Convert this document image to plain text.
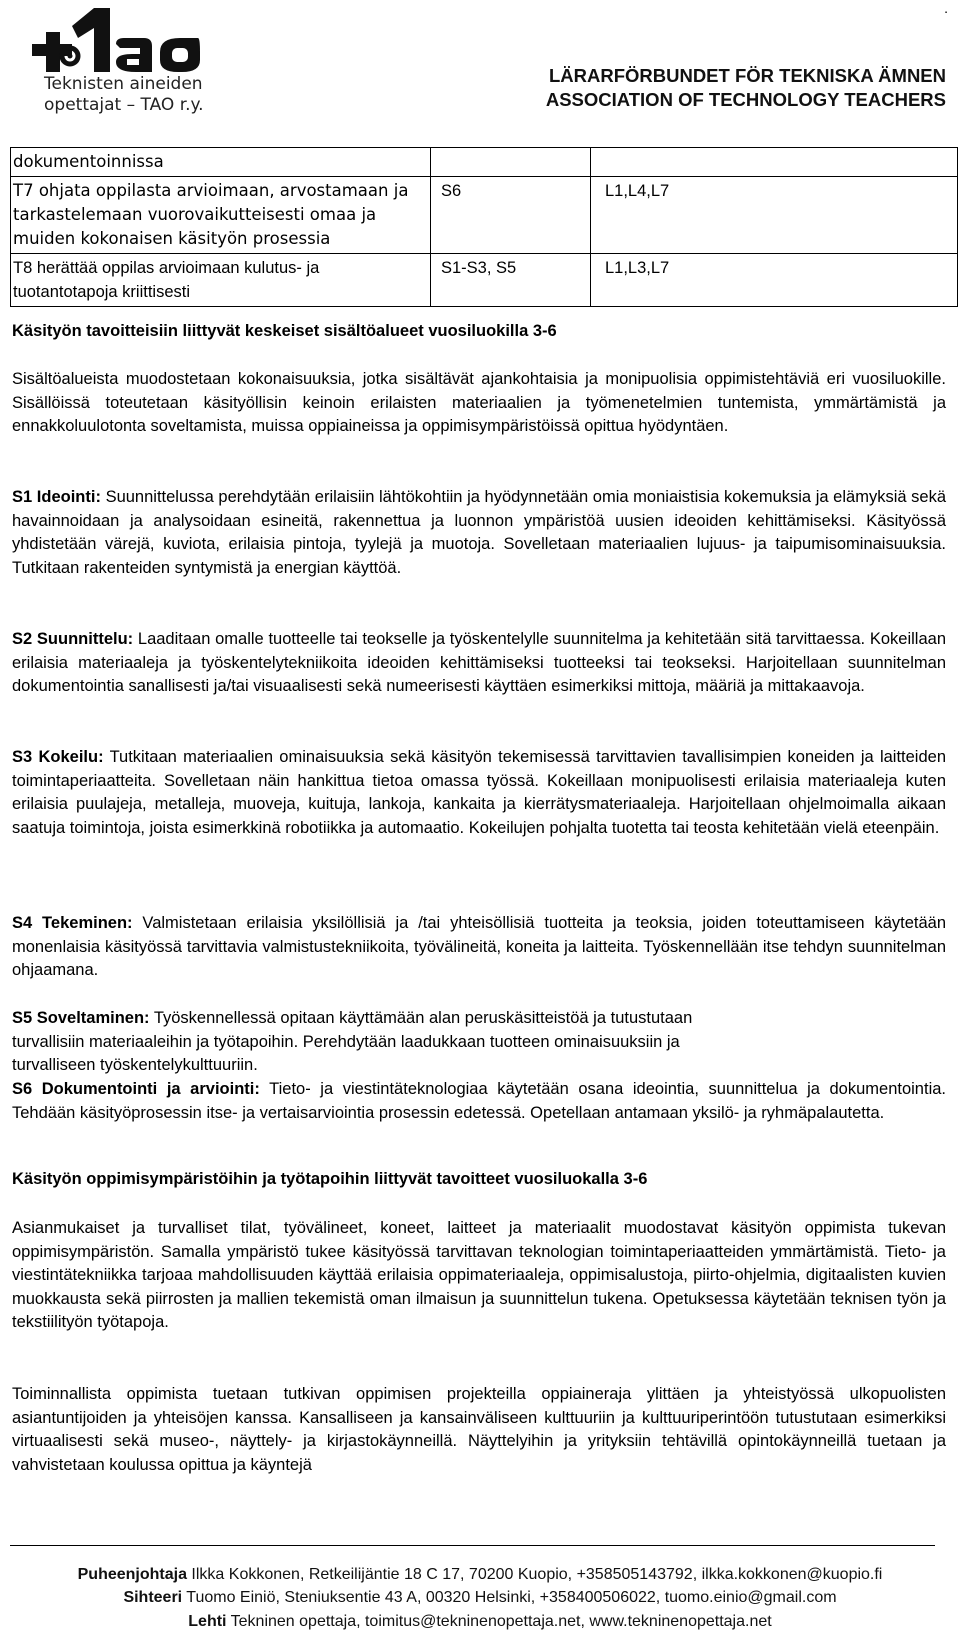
Teknisten aineiden
opettajat – TAO r.y.
.
LÄRARFÖRBUNDET FÖR TEKNISKA ÄMNEN
ASSOCIATION OF TECHNOLOGY TEACHERS
dokumentoinnissa		
T7 ohjata oppilasta arvioimaan, arvostamaan ja tarkastelemaan vuorovaikutteisesti omaa ja muiden kokonaisen käsityön prosessia	S6	L1,L4,L7
T8 herättää oppilas arvioimaan kulutus- ja tuotantotapoja kriittisesti	S1-S3, S5	L1,L3,L7
Käsityön tavoitteisiin liittyvät keskeiset sisältöalueet vuosiluokilla 3-6
Sisältöalueista muodostetaan kokonaisuuksia, jotka sisältävät ajankohtaisia ja monipuolisia oppimistehtäviä eri vuosiluokille. Sisällöissä toteutetaan käsityöllisin keinoin erilaisten materiaalien ja työmenetelmien tuntemista, ymmärtämistä ja ennakkoluulotonta soveltamista, muissa oppiaineissa ja oppimisympäristöissä opittua hyödyntäen.
S1 Ideointi: Suunnittelussa perehdytään erilaisiin lähtökohtiin ja hyödynnetään omia moniaistisia kokemuksia ja elämyksiä sekä havainnoidaan ja analysoidaan esineitä, rakennettua ja luonnon ympäristöä uusien ideoiden kehittämiseksi. Käsityössä yhdistetään värejä, kuviota, erilaisia pintoja, tyylejä ja muotoja. Sovelletaan materiaalien lujuus- ja taipumisominaisuuksia. Tutkitaan rakenteiden syntymistä ja energian käyttöä.
S2 Suunnittelu: Laaditaan omalle tuotteelle tai teokselle ja työskentelylle suunnitelma ja kehitetään sitä tarvittaessa. Kokeillaan erilaisia materiaaleja ja työskentelytekniikoita ideoiden kehittämiseksi tuotteeksi tai teokseksi. Harjoitellaan suunnitelman dokumentointia sanallisesti ja/tai visuaalisesti sekä numeerisesti käyttäen esimerkiksi mittoja, määriä ja mittakaavoja.
S3 Kokeilu: Tutkitaan materiaalien ominaisuuksia sekä käsityön tekemisessä tarvittavien tavallisimpien koneiden ja laitteiden toimintaperiaatteita. Sovelletaan näin hankittua tietoa omassa työssä. Kokeillaan monipuolisesti erilaisia materiaaleja kuten erilaisia puulajeja, metalleja, muoveja, kuituja, lankoja, kankaita ja kierrätysmateriaaleja. Harjoitellaan ohjelmoimalla aikaan saatuja toimintoja, joista esimerkkinä robotiikka ja automaatio. Kokeilujen pohjalta tuotetta tai teosta kehitetään vielä eteenpäin.
S4 Tekeminen: Valmistetaan erilaisia yksilöllisiä ja /tai yhteisöllisiä tuotteita ja teoksia, joiden toteuttamiseen käytetään monenlaisia käsityössä tarvittavia valmistustekniikoita, työvälineitä, koneita ja laitteita. Työskennellään itse tehdyn suunnitelman ohjaamana.
S5 Soveltaminen: Työskennellessä opitaan käyttämään alan peruskäsitteistöä ja tutustutaan
turvallisiin materiaaleihin ja työtapoihin. Perehdytään laadukkaan tuotteen ominaisuuksiin ja
turvalliseen työskentelykulttuuriin.
S6 Dokumentointi ja arviointi: Tieto- ja viestintäteknologiaa käytetään osana ideointia, suunnittelua ja dokumentointia. Tehdään käsityöprosessin itse- ja vertaisarviointia prosessin edetessä. Opetellaan antamaan yksilö- ja ryhmäpalautetta.
Käsityön oppimisympäristöihin ja työtapoihin liittyvät tavoitteet vuosiluokalla 3-6
Asianmukaiset ja turvalliset tilat, työvälineet, koneet, laitteet ja materiaalit muodostavat käsityön oppimista tukevan oppimisympäristön. Samalla ympäristö tukee käsityössä tarvittavan teknologian toimintaperiaatteiden ymmärtämistä. Tieto- ja viestintätekniikka tarjoaa mahdollisuuden käyttää erilaisia oppimateriaaleja, oppimisalustoja, piirto-ohjelmia, digitaalisten kuvien muokkausta sekä piirrosten ja mallien tekemistä oman ilmaisun ja suunnittelun tukena. Opetuksessa käytetään teknisen työn ja tekstiilityön työtapoja.
Toiminnallista oppimista tuetaan tutkivan oppimisen projekteilla oppiaineraja ylittäen ja yhteistyössä ulkopuolisten asiantuntijoiden ja yhteisöjen kanssa. Kansalliseen ja kansainväliseen kulttuuriin ja kulttuuriperintöön tutustutaan esimerkiksi virtuaalisesti sekä museo-, näyttely- ja kirjastokäynneillä. Näyttelyihin ja yrityksiin tehtävillä opintokäynneillä tuetaan ja vahvistetaan koulussa opittua ja käyntejä
Puheenjohtaja Ilkka Kokkonen, Retkeilijäntie 18 C 17, 70200 Kuopio, +358505143792, ilkka.kokkonen@kuopio.fi
Sihteeri Tuomo Einiö, Steniuksentie 43 A, 00320 Helsinki, +358400506022, tuomo.einio@gmail.com
Lehti Tekninen opettaja, toimitus@tekninenopettaja.net, www.tekninenopettaja.net
